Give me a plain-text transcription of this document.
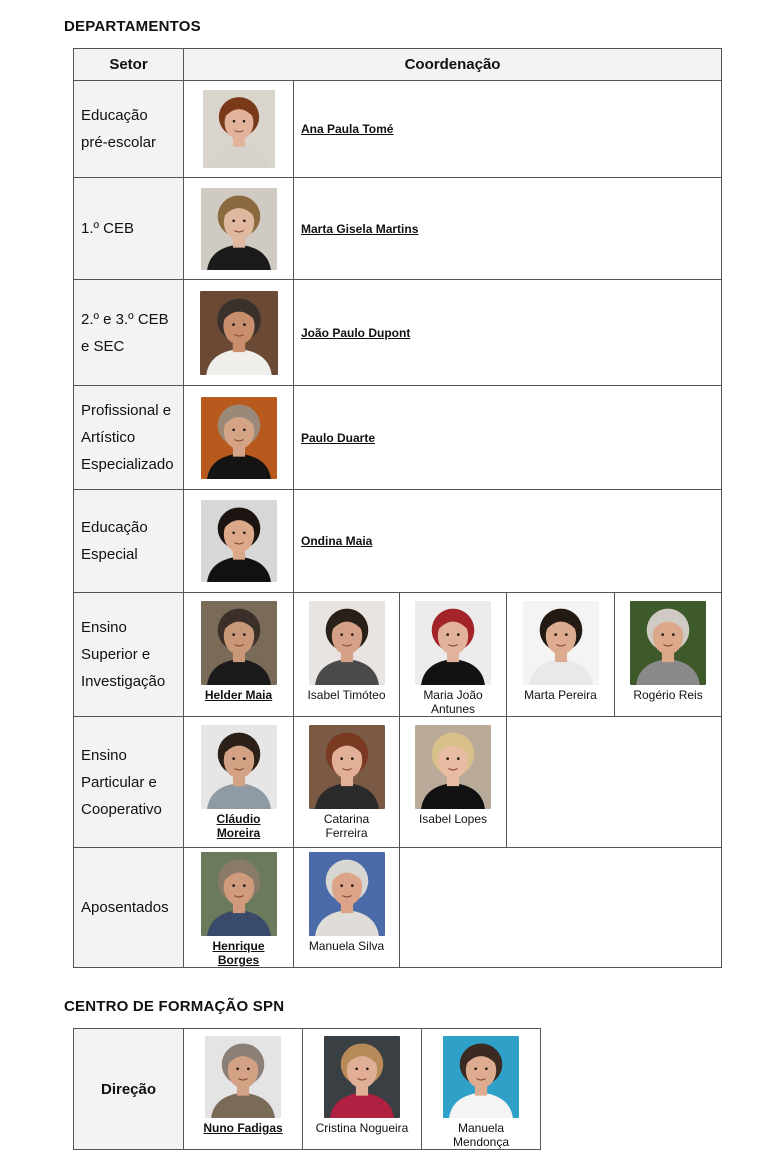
DEPARTAMENTOS
Setor	Coordenação				

Educação
pré-escolar		Ana Paula Tomé			

1.º CEB		Marta Gisela Martins			

2.º e 3.º CEB
e SEC		João Paulo Dupont			

Profissional e
Artístico
Especializado		Paulo Duarte			

Educação
Especial		Ondina Maia			

Ensino
Superior e
Investigação	Helder Maia	Isabel Timóteo	Maria João
Antunes	Marta Pereira	Rogério Reis

Ensino
Particular e
Cooperativo	Cláudio
Moreira	Catarina
Ferreira	Isabel Lopes		

Aposentados	Henrique
Borges	Manuela Silva			

CENTRO DE FORMAÇÃO SPN
Direção	
Nuno Fadigas	Cristina Nogueira	Manuela
Mendonça
